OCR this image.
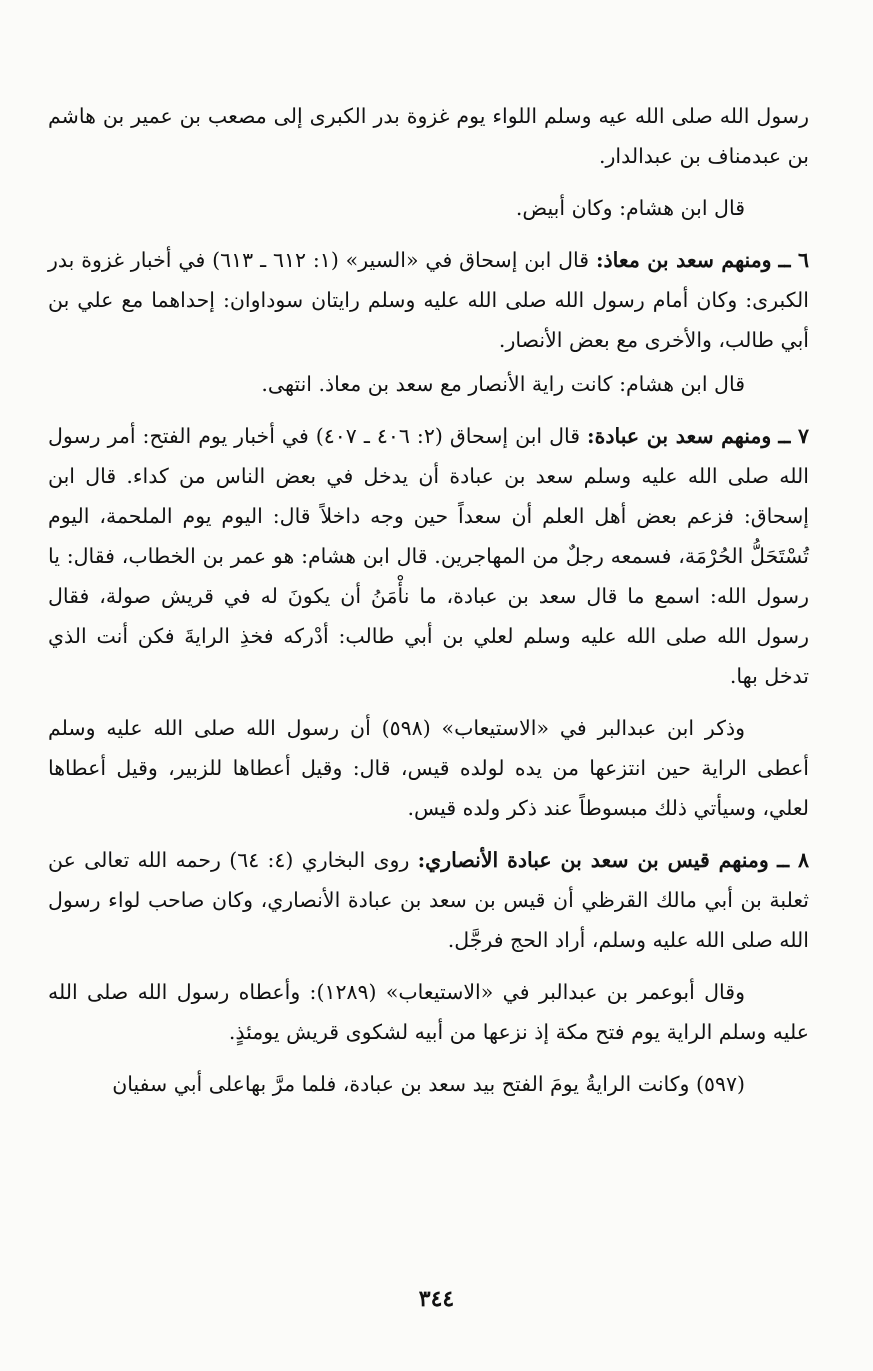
رسول الله صلى الله عيه وسلم اللواء يوم غزوة بدر الكبرى إلى مصعب بن عمير بن هاشم بن عبدمناف بن عبدالدار.

قال ابن هشام: وكان أبيض.

٦ ــ ومنهم سعد بن معاذ: قال ابن إسحاق في «السير» (١: ٦١٢ ـ ٦١٣) في أخبار غزوة بدر الكبرى: وكان أمام رسول الله صلى الله عليه وسلم رايتان سوداوان: إحداهما مع علي بن أبي طالب، والأخرى مع بعض الأنصار.

قال ابن هشام: كانت راية الأنصار مع سعد بن معاذ. انتهى.

٧ ــ ومنهم سعد بن عبادة: قال ابن إسحاق (٢: ٤٠٦ ـ ٤٠٧) في أخبار يوم الفتح: أمر رسول الله صلى الله عليه وسلم سعد بن عبادة أن يدخل في بعض الناس من كداء. قال ابن إسحاق: فزعم بعض أهل العلم أن سعداً حين وجه داخلاً قال: اليوم يوم الملحمة، اليوم تُسْتَحَلُّ الحُرْمَة، فسمعه رجلٌ من المهاجرين. قال ابن هشام: هو عمر بن الخطاب، فقال: يا رسول الله: اسمع ما قال سعد بن عبادة، ما نأْمَنُ أن يكونَ له في قريش صولة، فقال رسول الله صلى الله عليه وسلم لعلي بن أبي طالب: أدْركه فخذِ الرايةَ فكن أنت الذي تدخل بها.

وذكر ابن عبدالبر في «الاستيعاب» (٥٩٨) أن رسول الله صلى الله عليه وسلم أعطى الراية حين انتزعها من يده لولده قيس، قال: وقيل أعطاها للزبير، وقيل أعطاها لعلي، وسيأتي ذلك مبسوطاً عند ذكر ولده قيس.

٨ ــ ومنهم قيس بن سعد بن عبادة الأنصاري: روى البخاري (٤: ٦٤) رحمه الله تعالى عن ثعلبة بن أبي مالك القرظي أن قيس بن سعد بن عبادة الأنصاري، وكان صاحب لواء رسول الله صلى الله عليه وسلم، أراد الحج فرجَّل.

وقال أبوعمر بن عبدالبر في «الاستيعاب» (١٢٨٩): وأعطاه رسول الله صلى الله عليه وسلم الراية يوم فتح مكة إذ نزعها من أبيه لشكوى قريش يومئذٍ.

(٥٩٧) وكانت الرايةُ يومَ الفتح بيد سعد بن عبادة، فلما مرَّ بهاعلى أبي سفيان

٣٤٤
